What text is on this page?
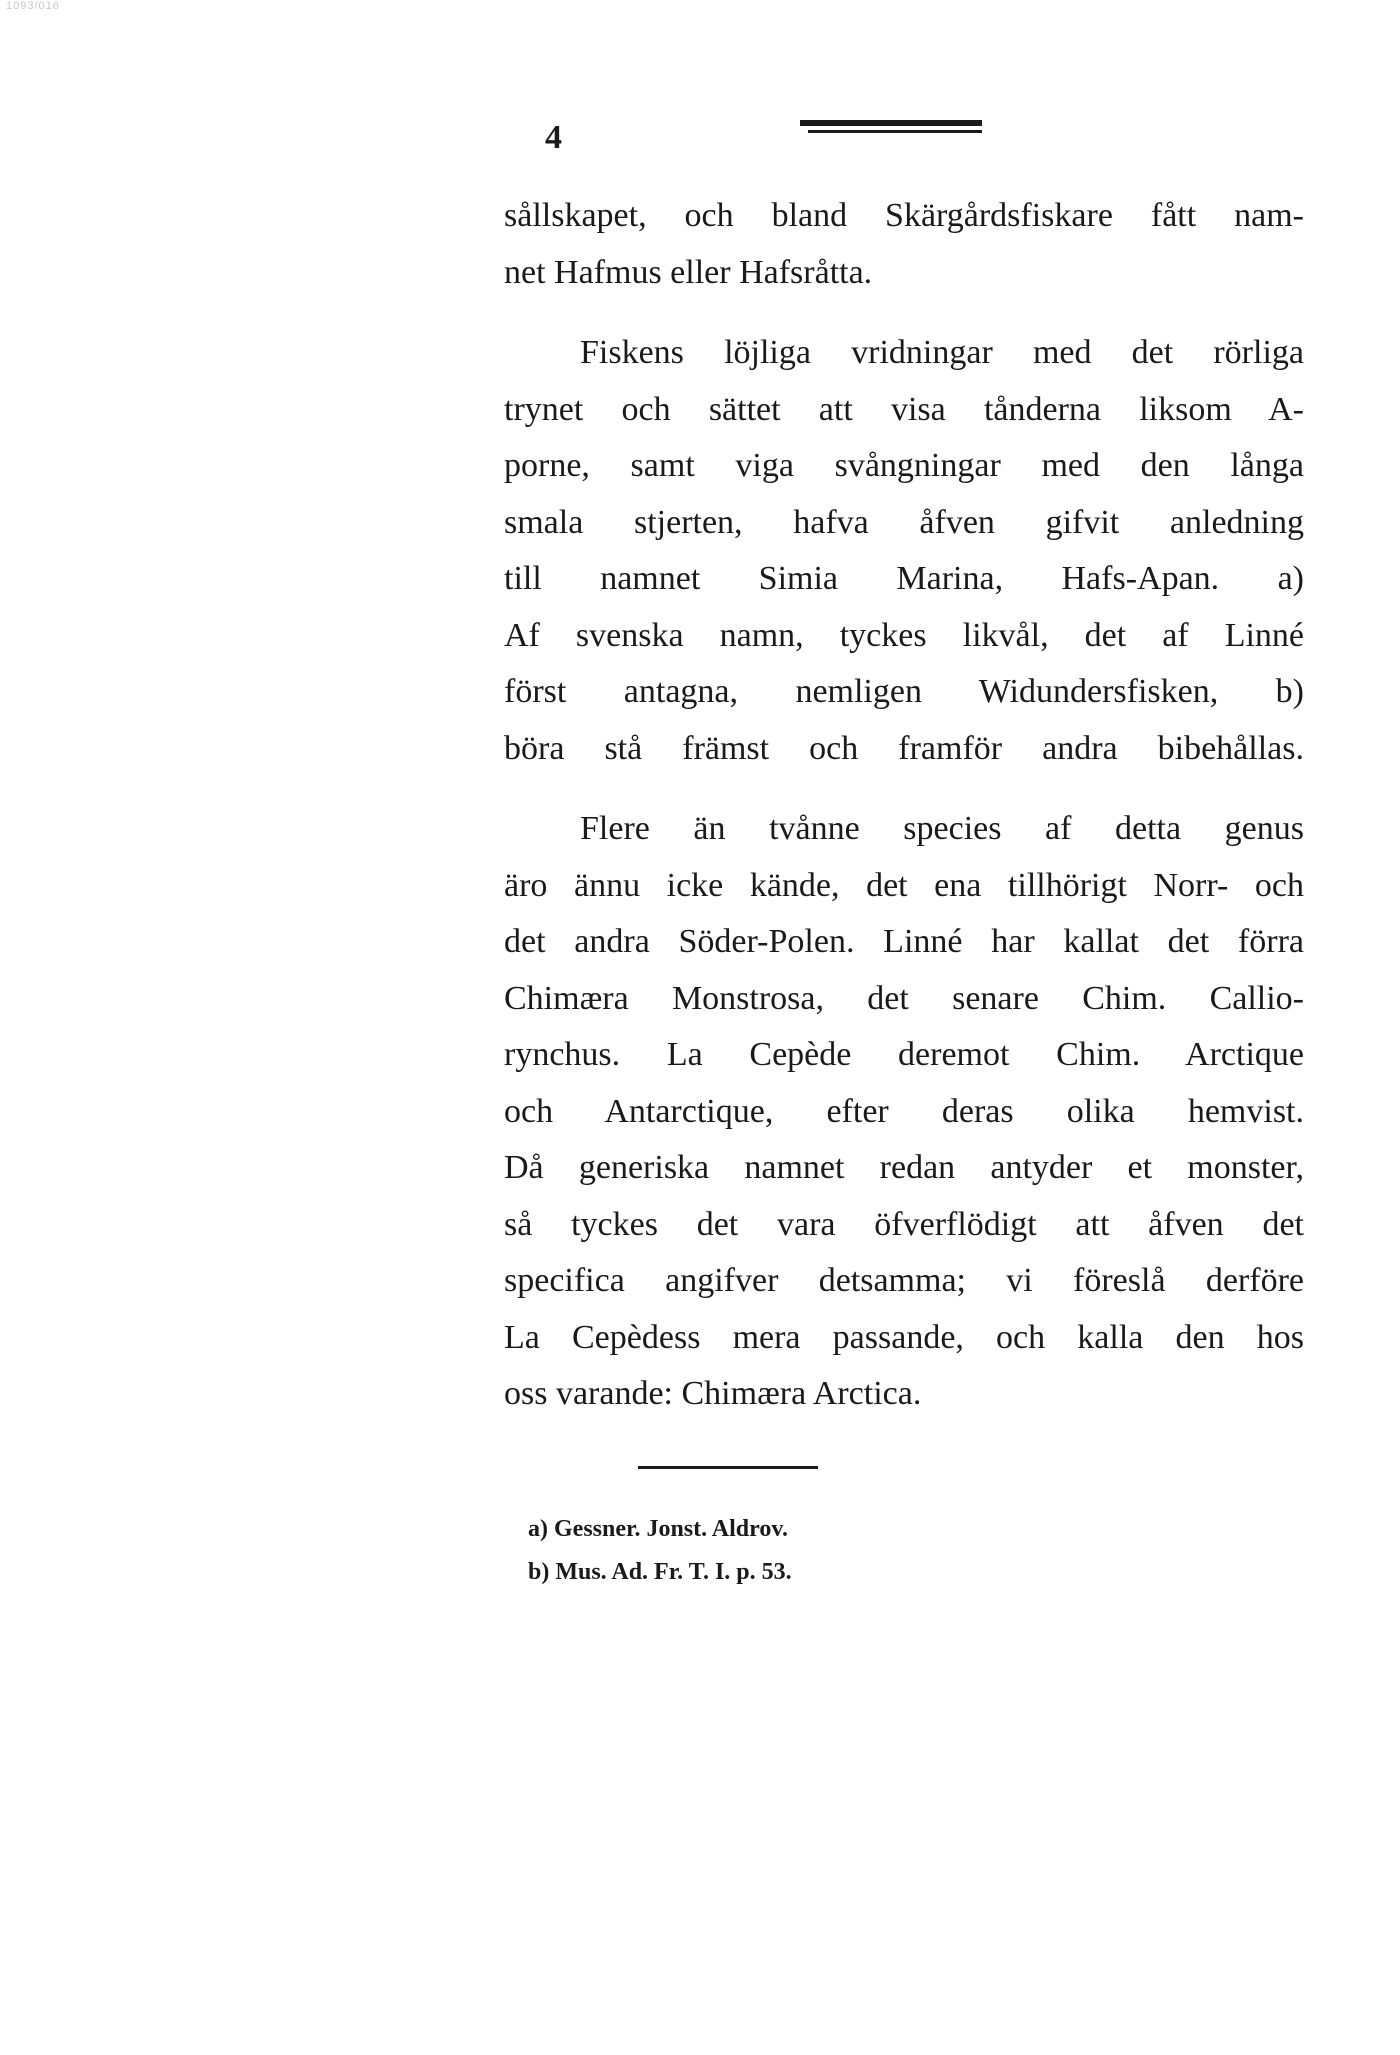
1093/016
4
sållskapet, och bland Skärgårdsfiskare fått nam-
net Hafmus eller Hafsråtta.
Fiskens löjliga vridningar med det rörliga
trynet och sättet att visa tånderna liksom A-
porne, samt viga svångningar med den långa
smala stjerten, hafva åfven gifvit anledning
till namnet Simia Marina, Hafs-Apan. a)
Af svenska namn, tyckes likvål, det af Linné
först antagna, nemligen Widundersfisken, b)
böra stå främst och framför andra bibehållas.
Flere än tvånne species af detta genus
äro ännu icke kände, det ena tillhörigt Norr- och
det andra Söder-Polen. Linné har kallat det förra
Chimæra Monstrosa, det senare Chim. Callio-
rynchus. La Cepède deremot Chim. Arctique
och Antarctique, efter deras olika hemvist.
Då generiska namnet redan antyder et monster,
så tyckes det vara öfverflödigt att åfven det
specifica angifver detsamma; vi föreslå derföre
La Cepèdess mera passande, och kalla den hos
oss varande: Chimæra Arctica.
a) Gessner. Jonst. Aldrov.
b) Mus. Ad. Fr. T. I. p. 53.
